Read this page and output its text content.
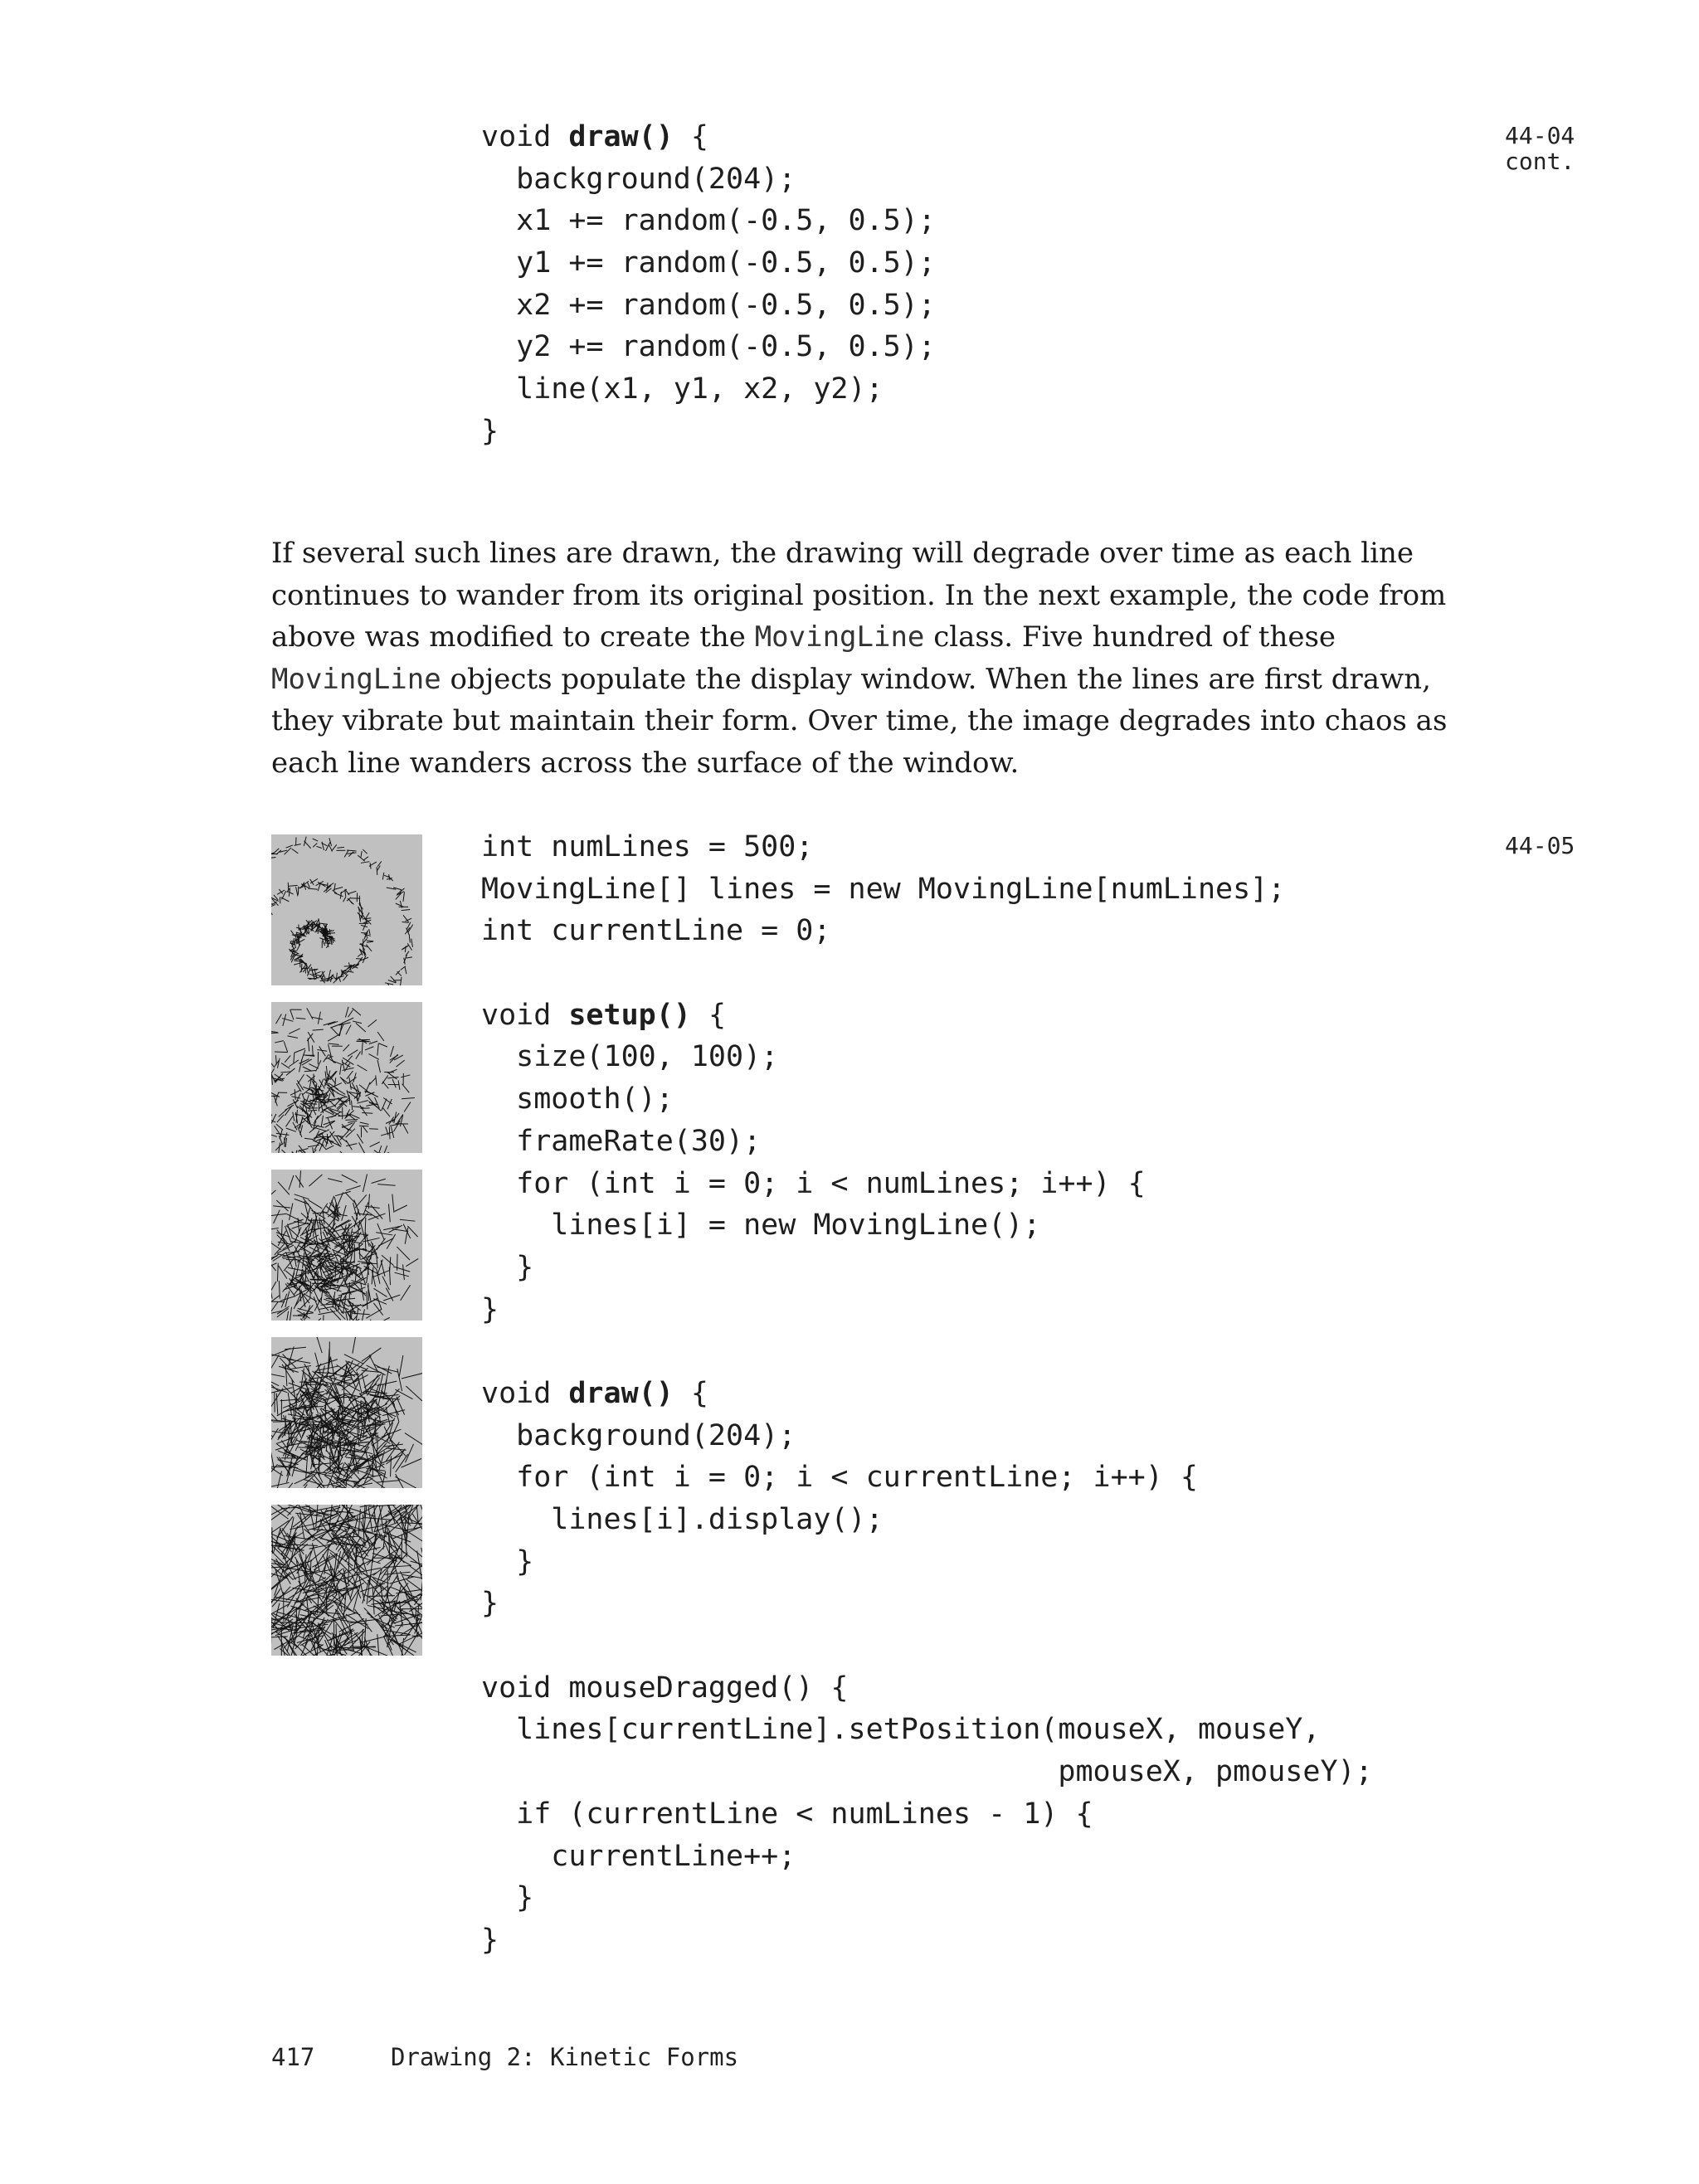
void draw() {
background(204);
x1 += random(-0.5, 0.5);
y1 += random(-0.5, 0.5);
x2 += random(-0.5, 0.5);
y2 += random(-0.5, 0.5);
line(x1, y1, x2, y2);
}
44-04
cont.

If several such lines are drawn, the drawing will degrade over time as each line continues to wander from its original position. In the next example, the code from above was modified to create the MovingLine class. Five hundred of these MovingLine objects populate the display window. When the lines are first drawn, they vibrate but maintain their form. Over time, the image degrades into chaos as each line wanders across the surface of the window.

44-05
int numLines = 500;
MovingLine[] lines = new MovingLine[numLines];
int currentLine = 0;
void setup() {
size(100, 100);
smooth();
frameRate(30);
for (int i = 0; i < numLines; i++) {
lines[i] = new MovingLine();
}
}
void draw() {
background(204);
for (int i = 0; i < currentLine; i++) {
lines[i].display();
}
}
void mouseDragged() {
lines[currentLine].setPosition(mouseX, mouseY,
pmouseX, pmouseY);
if (currentLine < numLines - 1) {
currentLine++;
}
}
417	Drawing 2: Kinetic Forms
